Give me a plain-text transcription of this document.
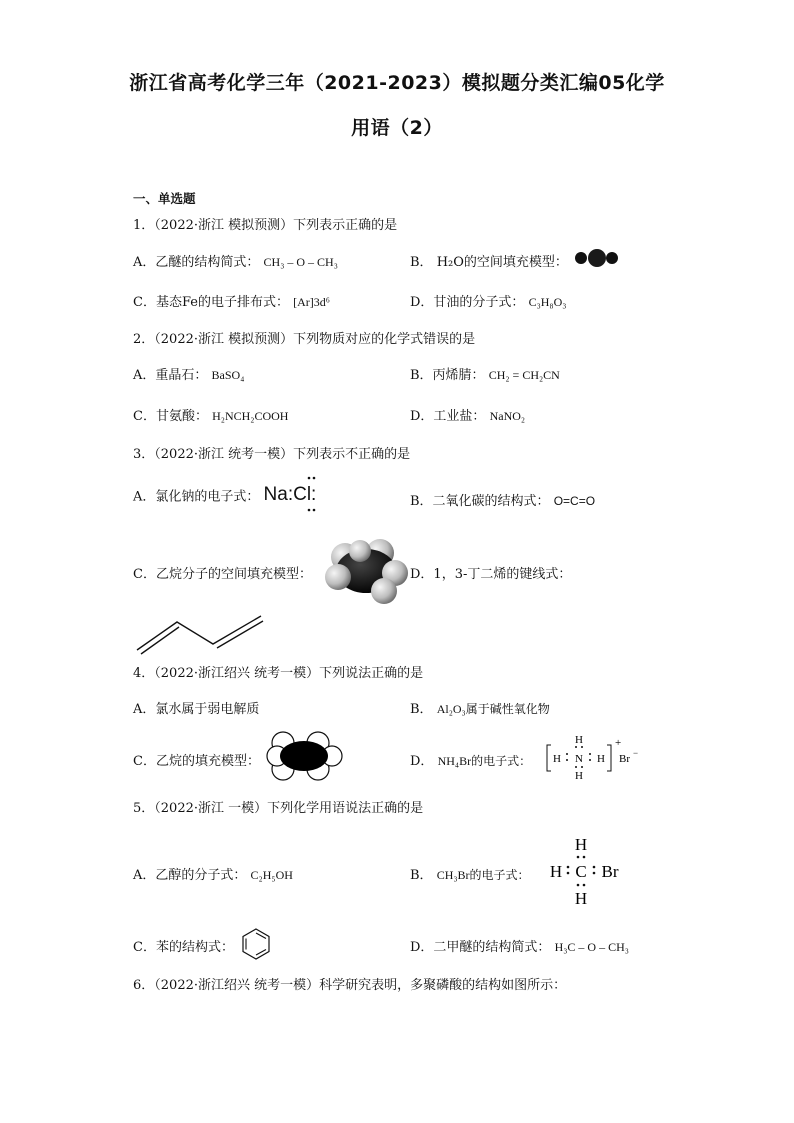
浙江省高考化学三年（2021-2023）模拟题分类汇编05化学
用语（2）
一、单选题
1．（2022·浙江 模拟预测）下列表示正确的是
A．乙醚的结构简式： CH₃ – O – CH₃	B． H₂O的空间填充模型：
C．基态Fe的电子排布式： [Ar]3d⁶	D．甘油的分子式： C₃H₈O₃
2．（2022·浙江 模拟预测）下列物质对应的化学式错误的是
A．重晶石： BaSO₄	B．丙烯腈： CH₂ = CH₂CN
C．甘氨酸： H₂NCH₂COOH	D．工业盐： NaNO₂
3．（2022·浙江 统考一模）下列表示不正确的是
A．氯化钠的电子式： Na:Cl:	B．二氧化碳的结构式： O=C=O
C．乙烷分子的空间填充模型：	D．1，3-丁二烯的键线式：
4．（2022·浙江绍兴 统考一模）下列说法正确的是
A．氯水属于弱电解质	B． Al₂O₃属于碱性氧化物
C．乙烷的填充模型：	D． NH₄Br的电子式：
H
H N H
H
+
Br −
5．（2022·浙江 一模）下列化学用语说法正确的是
A．乙醇的分子式： C₂H₅OH	B． CH₃Br的电子式：
H
H C Br
H
C．苯的结构式：	D．二甲醚的结构简式： H₃C – O – CH₃
6．（2022·浙江绍兴 统考一模）科学研究表明，多聚磷酸的结构如图所示：
